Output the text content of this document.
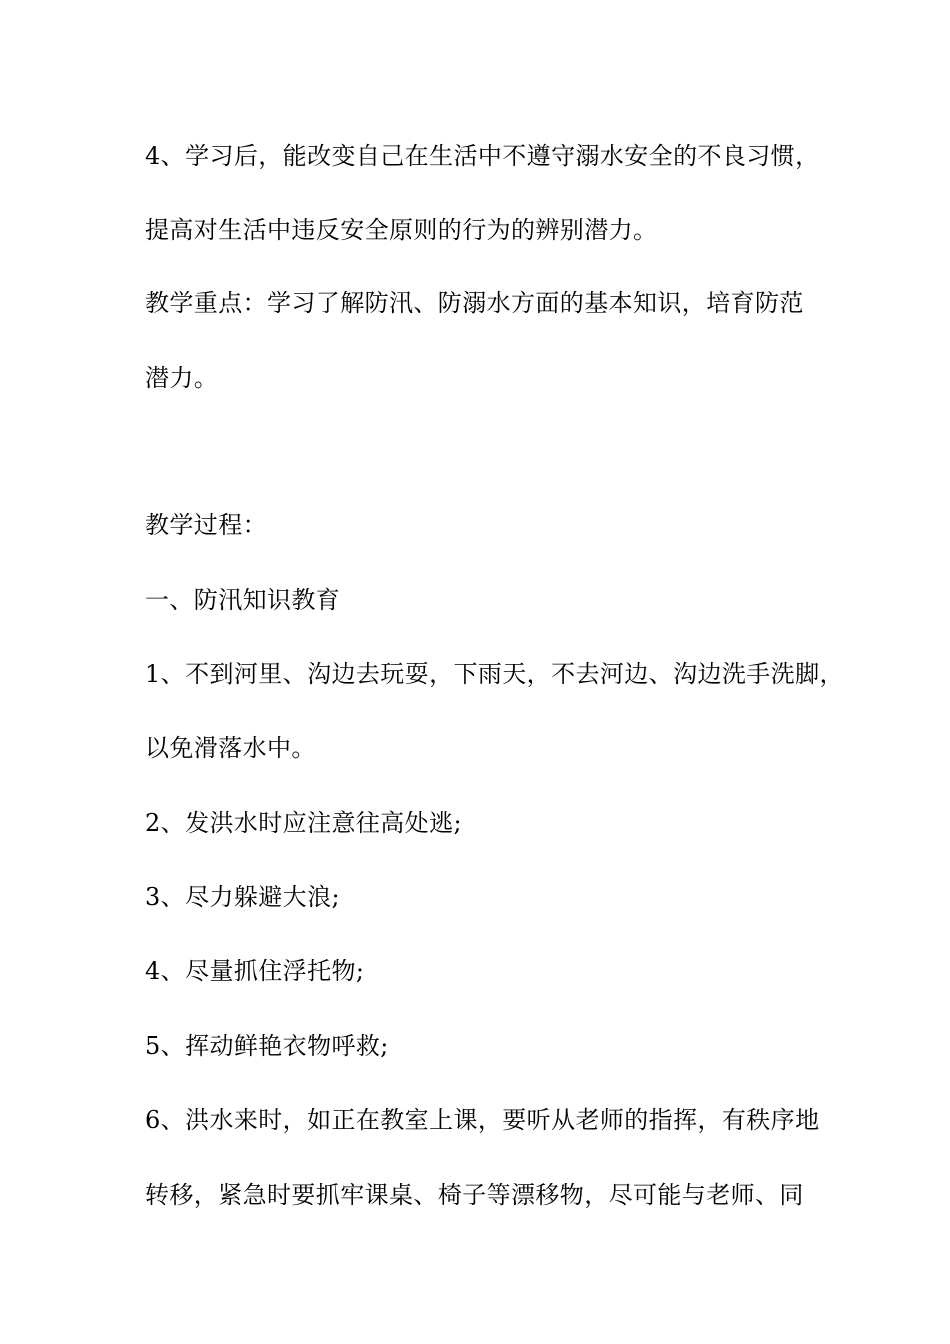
4、学习后，能改变自己在生活中不遵守溺水安全的不良习惯，
提高对生活中违反安全原则的行为的辨别潜力。
教学重点：学习了解防汛、防溺水方面的基本知识，培育防范
潜力。
教学过程：
一、防汛知识教育
1、不到河里、沟边去玩耍，下雨天，不去河边、沟边洗手洗脚，
以免滑落水中。
2、发洪水时应注意往高处逃;
3、尽力躲避大浪;
4、尽量抓住浮托物;
5、挥动鲜艳衣物呼救;
6、洪水来时，如正在教室上课，要听从老师的指挥，有秩序地
转移，紧急时要抓牢课桌、椅子等漂移物，尽可能与老师、同
